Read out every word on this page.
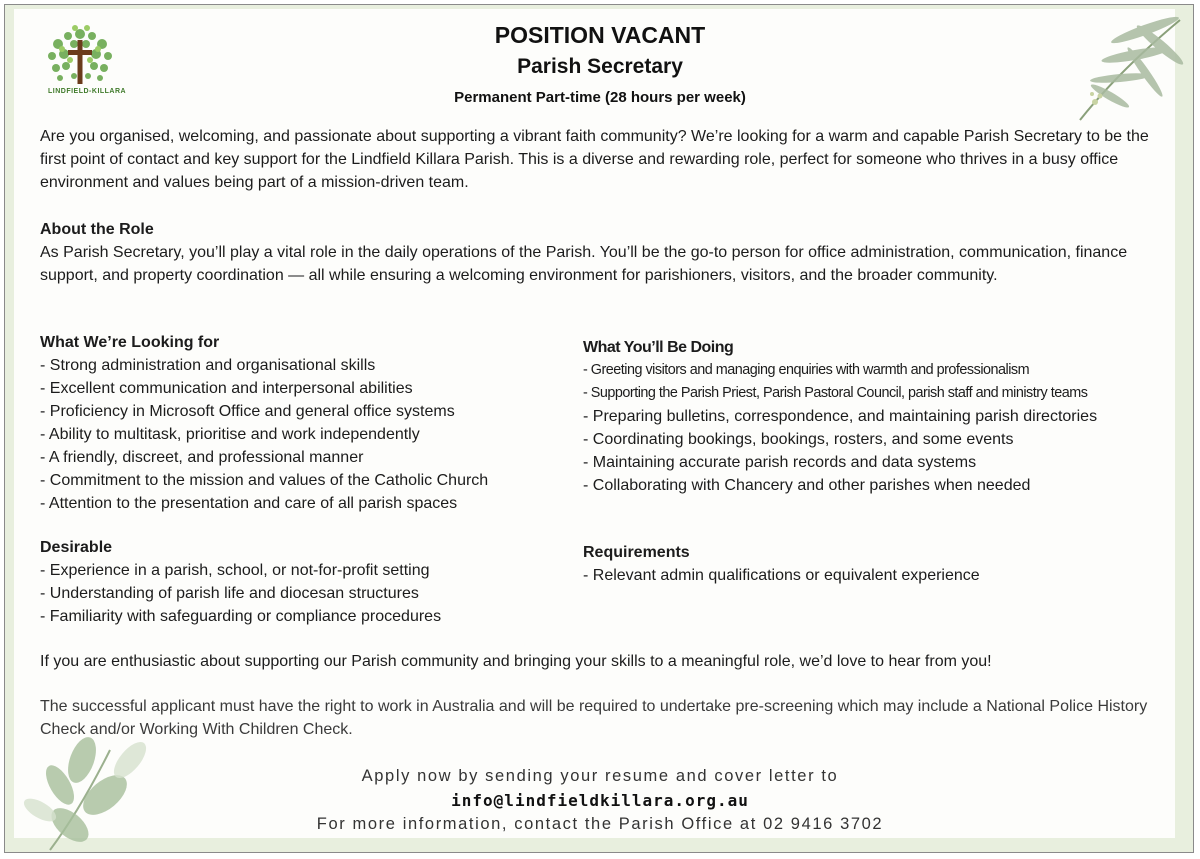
LINDFIELD-KILLARA
POSITION VACANT
Parish Secretary
Permanent Part-time (28 hours per week)
Are you organised, welcoming, and passionate about supporting a vibrant faith community? We’re looking for a warm and capable Parish Secretary to be the first point of contact and key support for the Lindfield Killara Parish. This is a diverse and rewarding role, perfect for someone who thrives in a busy office environment and values being part of a mission-driven team.
About the Role
As Parish Secretary, you’ll play a vital role in the daily operations of the Parish. You’ll be the go-to person for office administration, communication, finance support, and property coordination — all while ensuring a welcoming environment for parishioners, visitors, and the broader community.
What We’re Looking for
- Strong administration and organisational skills
- Excellent communication and interpersonal abilities
- Proficiency in Microsoft Office and general office systems
- Ability to multitask, prioritise and work independently
- A friendly, discreet, and professional manner
- Commitment to the mission and values of the Catholic Church
- Attention to the presentation and care of all parish spaces
Desirable
- Experience in a parish, school, or not-for-profit setting
- Understanding of parish life and diocesan structures
- Familiarity with safeguarding or compliance procedures
What You’ll Be Doing
- Greeting visitors and managing enquiries with warmth and professionalism
- Supporting the Parish Priest, Parish Pastoral Council, parish staff and ministry teams
- Preparing bulletins, correspondence, and maintaining parish directories
- Coordinating bookings, bookings, rosters, and some events
- Maintaining accurate parish records and data systems
- Collaborating with Chancery and other parishes when needed
Requirements
- Relevant admin qualifications or equivalent experience
If you are enthusiastic about supporting our Parish community and bringing your skills to a meaningful role, we’d love to hear from you!
The successful applicant must have the right to work in Australia and will be required to undertake pre-screening which may include a National Police History Check and/or Working With Children Check.
Apply now by sending your resume and cover letter to
info@lindfieldkillara.org.au
For more information, contact the Parish Office at 02 9416 3702
